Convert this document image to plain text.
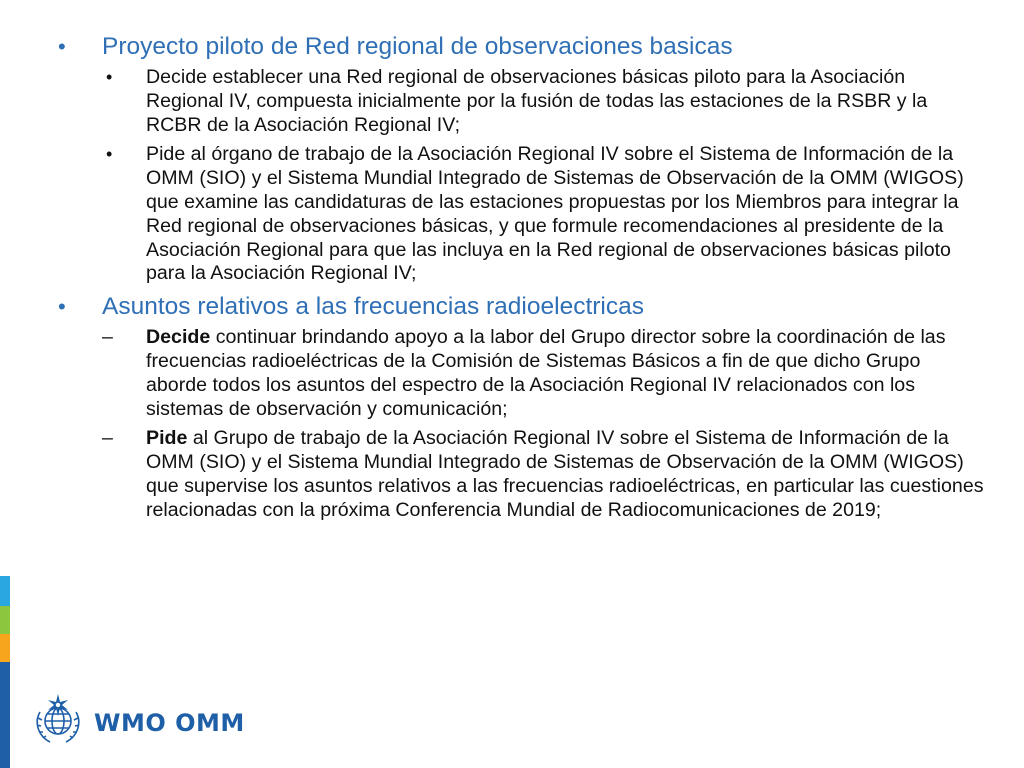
• Proyecto piloto de Red regional de observaciones basicas
• Decide establecer una Red regional de observaciones básicas piloto para la Asociación Regional IV, compuesta inicialmente por la fusión de todas las estaciones de la RSBR y la RCBR de la Asociación Regional IV;
• Pide al órgano de trabajo de la Asociación Regional IV sobre el Sistema de Información de la OMM (SIO) y el Sistema Mundial Integrado de Sistemas de Observación de la OMM (WIGOS) que examine las candidaturas de las estaciones propuestas por los Miembros para integrar la Red regional de observaciones básicas, y que formule recomendaciones al presidente de la Asociación Regional para que las incluya en la Red regional de observaciones básicas piloto para la Asociación Regional IV;
• Asuntos relativos a las frecuencias radioelectricas
– Decide continuar brindando apoyo a la labor del Grupo director sobre la coordinación de las frecuencias radioeléctricas de la Comisión de Sistemas Básicos a fin de que dicho Grupo aborde todos los asuntos del espectro de la Asociación Regional IV relacionados con los sistemas de observación y comunicación;
– Pide al Grupo de trabajo de la Asociación Regional IV sobre el Sistema de Información de la OMM (SIO) y el Sistema Mundial Integrado de Sistemas de Observación de la OMM (WIGOS) que supervise los asuntos relativos a las frecuencias radioeléctricas, en particular las cuestiones relacionadas con la próxima Conferencia Mundial de Radiocomunicaciones de 2019;
WMO OMM
